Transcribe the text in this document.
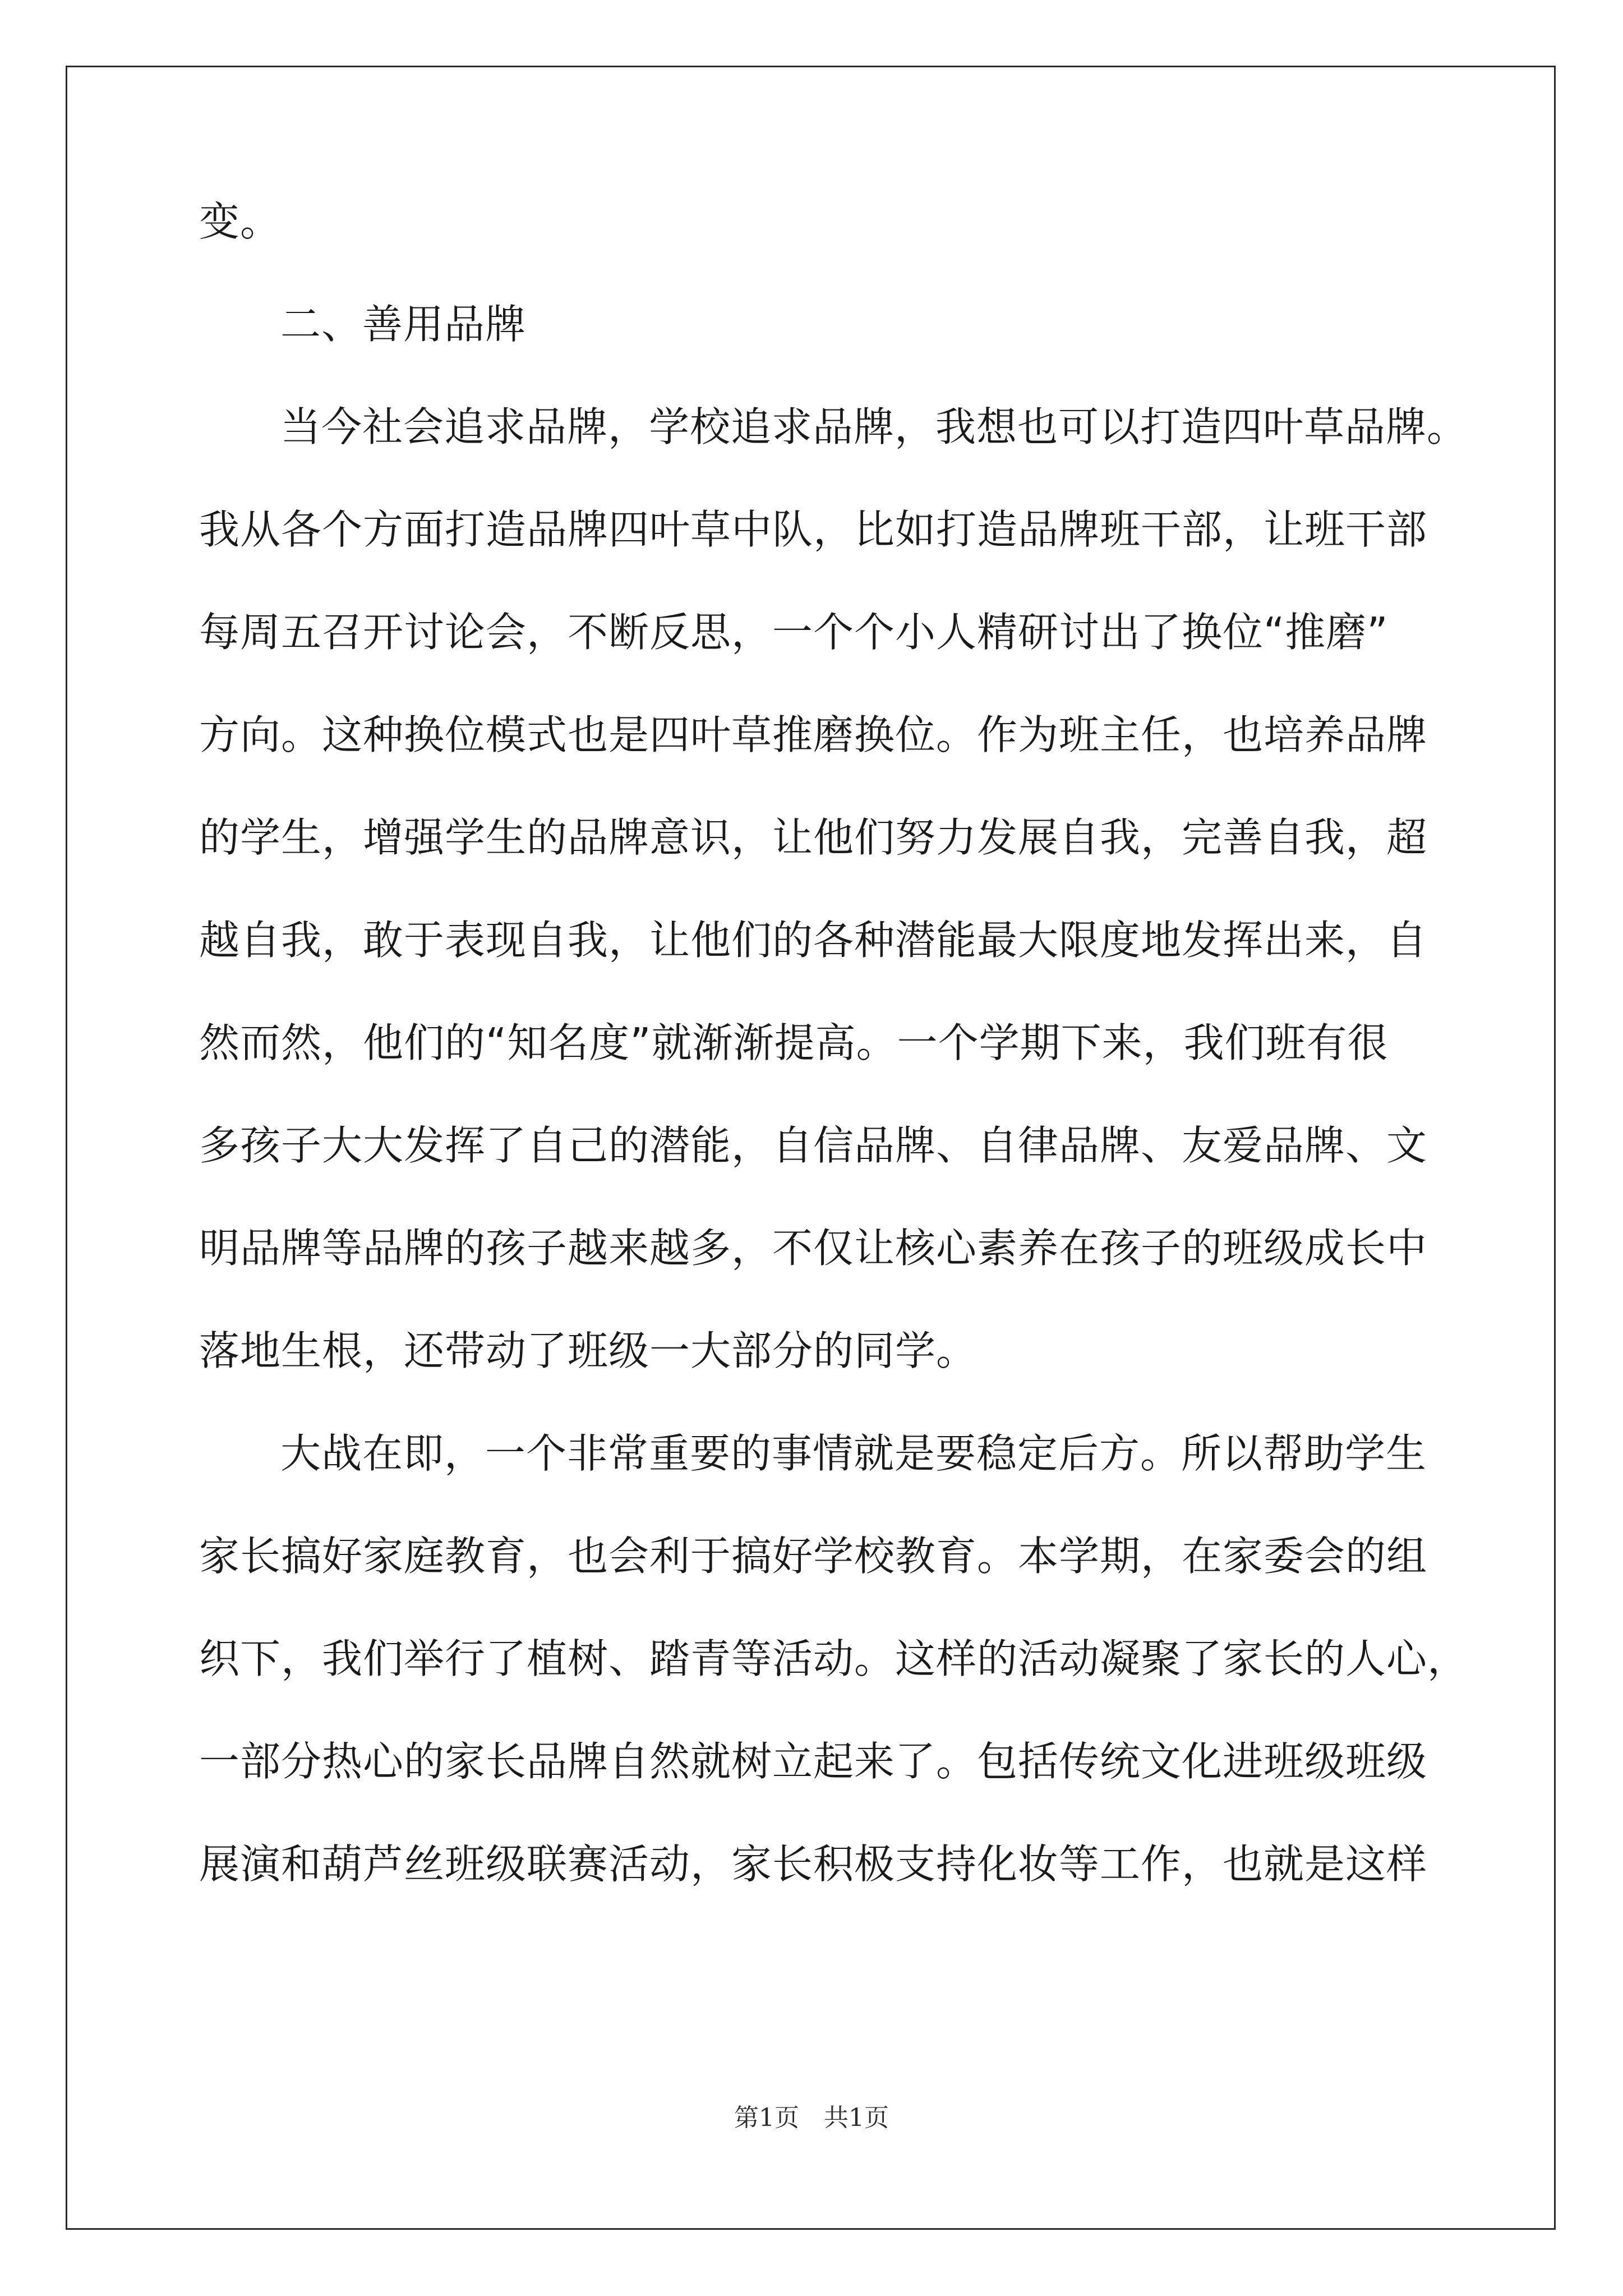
变。
二、善用品牌
当今社会追求品牌，学校追求品牌，我想也可以打造四叶草品牌。
我从各个方面打造品牌四叶草中队，比如打造品牌班干部，让班干部
每周五召开讨论会，不断反思，一个个小人精研讨出了换位“推磨”
方向。这种换位模式也是四叶草推磨换位。作为班主任，也培养品牌
的学生，增强学生的品牌意识，让他们努力发展自我，完善自我，超
越自我，敢于表现自我，让他们的各种潜能最大限度地发挥出来，自
然而然，他们的“知名度”就渐渐提高。一个学期下来，我们班有很
多孩子大大发挥了自己的潜能，自信品牌、自律品牌、友爱品牌、文
明品牌等品牌的孩子越来越多，不仅让核心素养在孩子的班级成长中
落地生根，还带动了班级一大部分的同学。
大战在即，一个非常重要的事情就是要稳定后方。所以帮助学生
家长搞好家庭教育，也会利于搞好学校教育。本学期，在家委会的组
织下，我们举行了植树、踏青等活动。这样的活动凝聚了家长的人心，
一部分热心的家长品牌自然就树立起来了。包括传统文化进班级班级
展演和葫芦丝班级联赛活动，家长积极支持化妆等工作，也就是这样
第1页　共1页
